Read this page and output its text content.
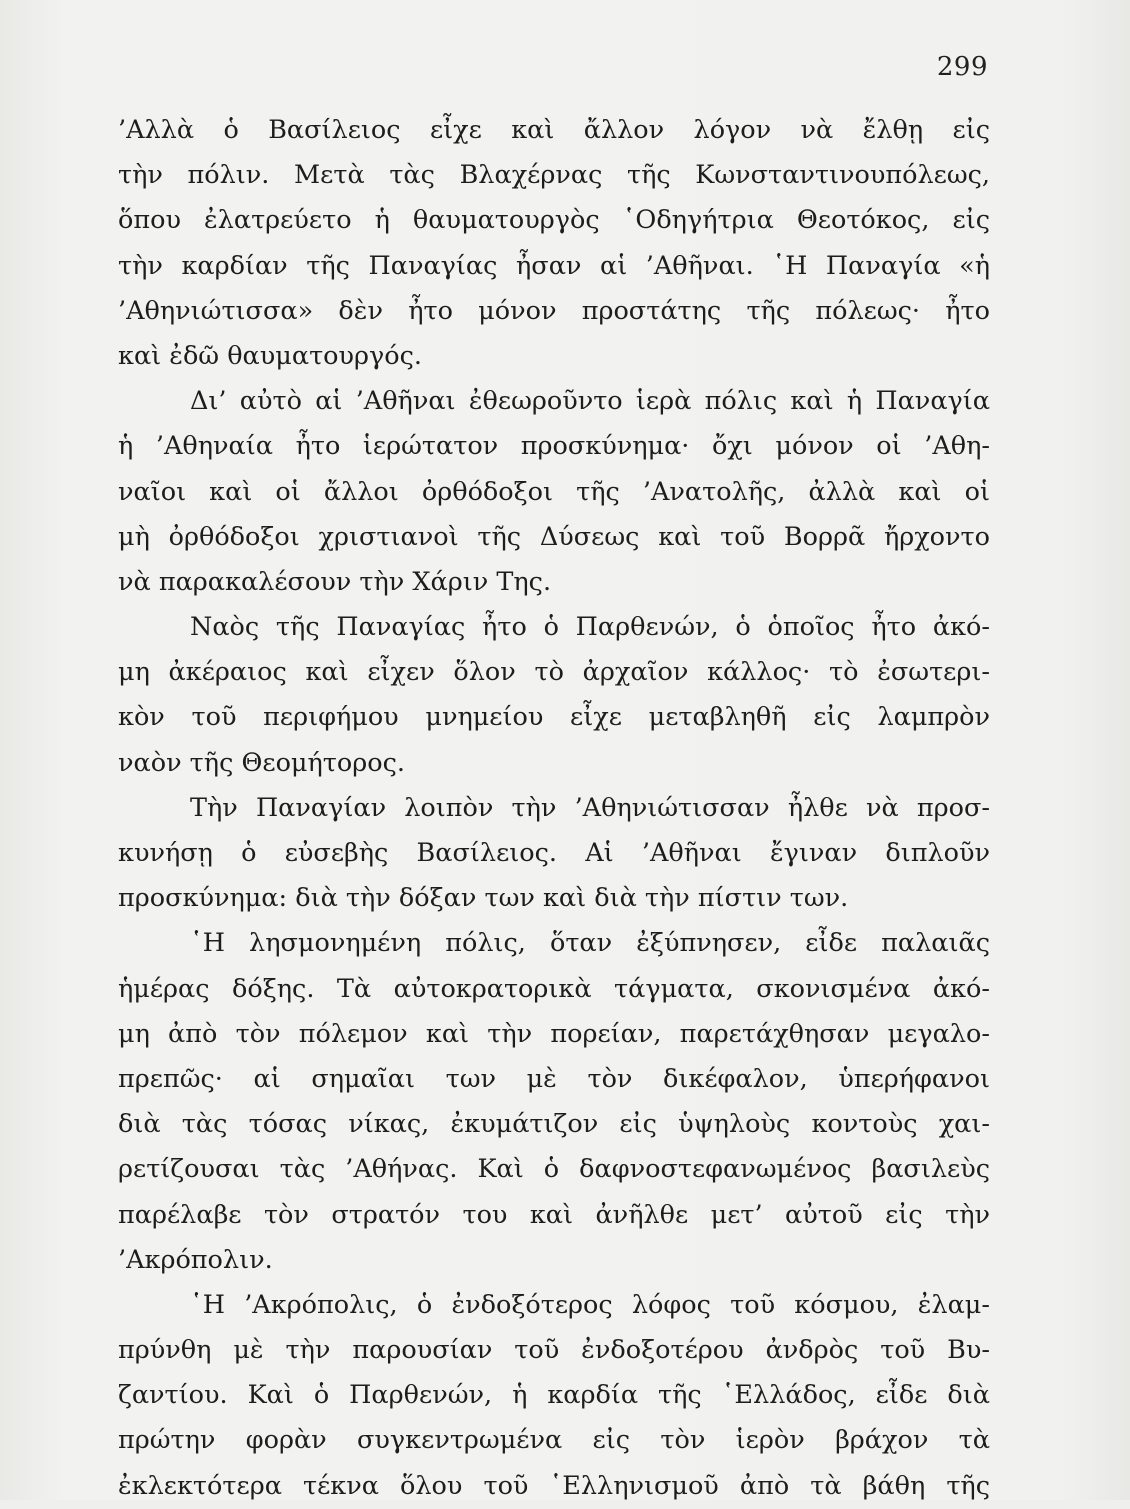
299
’Αλλὰ ὁ Βασίλειος εἶχε καὶ ἄλλον λόγον νὰ ἔλθῃ εἰς
τὴν πόλιν. Μετὰ τὰς Βλαχέρνας τῆς Κωνσταντινουπόλεως,
ὅπου ἐλατρεύετο ἡ θαυματουργὸς ῾Οδηγήτρια Θεοτόκος, εἰς
τὴν καρδίαν τῆς Παναγίας ἦσαν αἱ ’Αθῆναι. ῾Η Παναγία «ἡ
’Αθηνιώτισσα» δὲν ἦτο μόνον προστάτης τῆς πόλεως· ἦτο
καὶ ἐδῶ θαυματουργός.
Δι’ αὐτὸ αἱ ’Αθῆναι ἐθεωροῦντο ἱερὰ πόλις καὶ ἡ Παναγία
ἡ ’Αθηναία ἦτο ἱερώτατον προσκύνημα· ὄχι μόνον οἱ ’Αθη-
ναῖοι καὶ οἱ ἄλλοι ὀρθόδοξοι τῆς ’Ανατολῆς, ἀλλὰ καὶ οἱ
μὴ ὀρθόδοξοι χριστιανοὶ τῆς Δύσεως καὶ τοῦ Βορρᾶ ἤρχοντο
νὰ παρακαλέσουν τὴν Χάριν Της.
Ναὸς τῆς Παναγίας ἦτο ὁ Παρθενών, ὁ ὁποῖος ἦτο ἀκό-
μη ἀκέραιος καὶ εἶχεν ὅλον τὸ ἀρχαῖον κάλλος· τὸ ἐσωτερι-
κὸν τοῦ περιφήμου μνημείου εἶχε μεταβληθῆ εἰς λαμπρὸν
ναὸν τῆς Θεομήτορος.
Τὴν Παναγίαν λοιπὸν τὴν ’Αθηνιώτισσαν ἦλθε νὰ προσ-
κυνήσῃ ὁ εὐσεβὴς Βασίλειος. Αἱ ’Αθῆναι ἔγιναν διπλοῦν
προσκύνημα: διὰ τὴν δόξαν των καὶ διὰ τὴν πίστιν των.
῾Η λησμονημένη πόλις, ὅταν ἐξύπνησεν, εἶδε παλαιᾶς
ἡμέρας δόξης. Τὰ αὐτοκρατορικὰ τάγματα, σκονισμένα ἀκό-
μη ἀπὸ τὸν πόλεμον καὶ τὴν πορείαν, παρετάχθησαν μεγαλο-
πρεπῶς· αἱ σημαῖαι των μὲ τὸν δικέφαλον, ὑπερήφανοι
διὰ τὰς τόσας νίκας, ἐκυμάτιζον εἰς ὑψηλοὺς κοντοὺς χαι-
ρετίζουσαι τὰς ’Αθήνας. Καὶ ὁ δαφνοστεφανωμένος βασιλεὺς
παρέλαβε τὸν στρατόν του καὶ ἀνῆλθε μετ’ αὐτοῦ εἰς τὴν
’Ακρόπολιν.
῾Η ’Ακρόπολις, ὁ ἐνδοξότερος λόφος τοῦ κόσμου, ἐλαμ-
πρύνθη μὲ τὴν παρουσίαν τοῦ ἐνδοξοτέρου ἀνδρὸς τοῦ Βυ-
ζαντίου. Καὶ ὁ Παρθενών, ἡ καρδία τῆς ῾Ελλάδος, εἶδε διὰ
πρώτην φορὰν συγκεντρωμένα εἰς τὸν ἱερὸν βράχον τὰ
ἐκλεκτότερα τέκνα ὅλου τοῦ ῾Ελληνισμοῦ ἀπὸ τὰ βάθη τῆς
